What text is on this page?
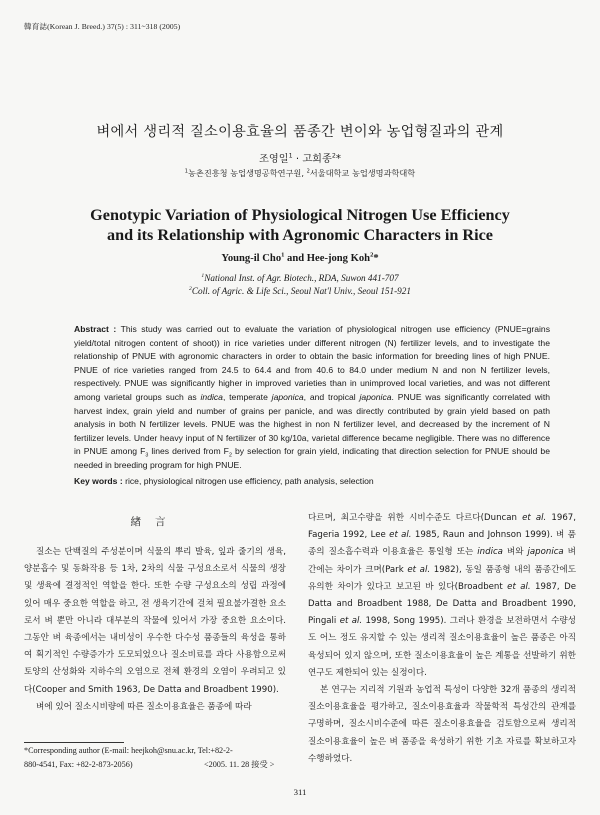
韓育誌(Korean J. Breed.) 37(5) : 311~318 (2005)
벼에서 생리적 질소이용효율의 품종간 변이와 농업형질과의 관계
조영일$^1$ · 고희종$^2$*
$^1$농촌진흥청 농업생명공학연구원, $^2$서울대학교 농업생명과학대학
Genotypic Variation of Physiological Nitrogen Use Efficiency
and its Relationship with Agronomic Characters in Rice
Young-il Cho$^1$ and Hee-jong Koh$^2$*
$^1$National Inst. of Agr. Biotech., RDA, Suwon 441-707
$^2$Coll. of Agric. & Life Sci., Seoul Nat'l Univ., Seoul 151-921
Abstract : This study was carried out to evaluate the variation of physiological nitrogen use efficiency (PNUE=grains yield/total nitrogen content of shoot)) in rice varieties under different nitrogen (N) fertilizer levels, and to investigate the relationship of PNUE with agronomic characters in order to obtain the basic information for breeding lines of high PNUE. PNUE of rice varieties ranged from 24.5 to 64.4 and from 40.6 to 84.0 under medium N and non N fertilizer levels, respectively. PNUE was significantly higher in improved varieties than in unimproved local varieties, and was not different among varietal groups such as indica, temperate japonica, and tropical japonica. PNUE was significantly correlated with harvest index, grain yield and number of grains per panicle, and was directly contributed by grain yield based on path analysis in both N fertilizer levels. PNUE was the highest in non N fertilizer level, and decreased by the increment of N fertilizer levels. Under heavy input of N fertilizer of 30 kg/10a, varietal difference became negligible. There was no difference in PNUE among $F_3$ lines derived from $F_2$ by selection for grain yield, indicating that direction selection for PNUE should be needed in breeding program for high PNUE.
Key words : rice, physiological nitrogen use efficiency, path analysis, selection
緖言
질소는 단백질의 주성분이며 식물의 뿌리 발육, 잎과 줄기의 생육, 양분흡수 및 동화작용 등 1차, 2차의 식물 구성요소로서 식물의 생장 및 생육에 결정적인 역할을 한다. 또한 수량 구성요소의 성립 과정에 있어 매우 중요한 역할을 하고, 전 생육기간에 걸쳐 필요불가결한 요소로서 벼 뿐만 아니라 대부분의 작물에 있어서 가장 중요한 요소이다. 그동안 벼 육종에서는 내비성이 우수한 다수성 품종들의 육성을 통하여 획기적인 수량증가가 도모되었으나 질소비료를 과다 사용함으로써 토양의 산성화와 지하수의 오염으로 전체 환경의 오염이 우려되고 있다(Cooper and Smith 1963, De Datta and Broadbent 1990).
벼에 있어 질소시비량에 따른 질소이용효율은 품종에 따라
다르며, 최고수량을 위한 시비수준도 다르다(Duncan et al. 1967, Fageria 1992, Lee et al. 1985, Raun and Johnson 1999). 벼 품종의 질소흡수력과 이용효율은 통일형 또는 indica 벼와 japonica 벼 간에는 차이가 크며(Park et al. 1982), 동일 품종형 내의 품종간에도 유의한 차이가 있다고 보고된 바 있다(Broadbent et al. 1987, De Datta and Broadbent 1988, De Datta and Broadbent 1990, Pingali et al. 1998, Song 1995). 그러나 환경을 보전하면서 수량성도 어느 정도 유지할 수 있는 생리적 질소이용효율이 높은 품종은 아직 육성되어 있지 않으며, 또한 질소이용효율이 높은 계통을 선발하기 위한 연구도 제한되어 있는 실정이다.
본 연구는 지리적 기원과 농업적 특성이 다양한 32개 품종의 생리적 질소이용효율을 평가하고, 질소이용효율과 작물학적 특성간의 관계를 구명하며, 질소시비수준에 따른 질소이용효율을 검토함으로써 생리적 질소이용효율이 높은 벼 품종을 육성하기 위한 기초 자료를 확보하고자 수행하였다.
*Corresponding author (E-mail: heejkoh@snu.ac.kr, Tel:+82-2-
880-4541, Fax: +82-2-873-2056)	<2005. 11. 28 接受 >
311
